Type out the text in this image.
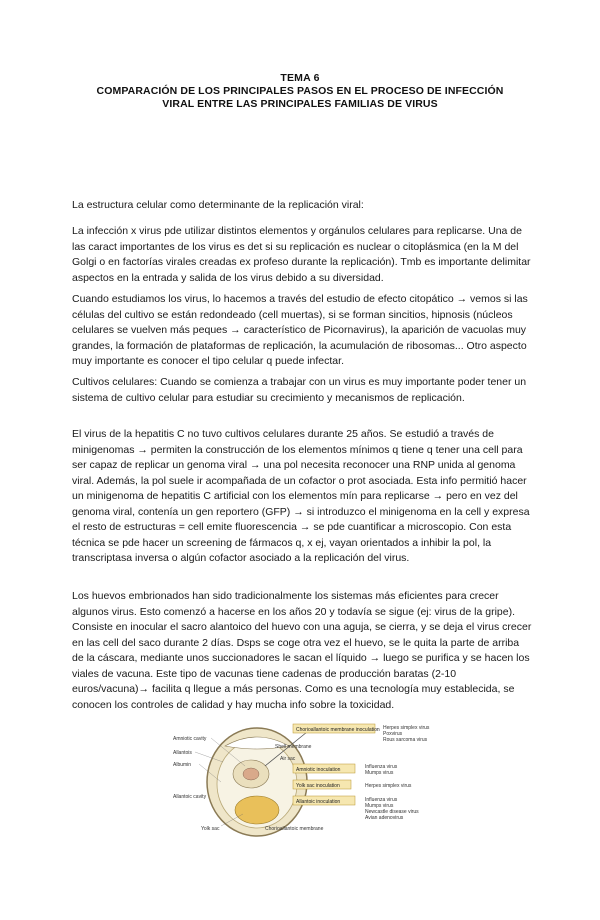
TEMA 6
COMPARACIÓN DE LOS PRINCIPALES PASOS EN EL PROCESO DE INFECCIÓN
VIRAL ENTRE LAS PRINCIPALES FAMILIAS DE VIRUS

La estructura celular como determinante de la replicación viral:

La infección x virus pde utilizar distintos elementos y orgánulos celulares para replicarse. Una de las caract importantes de los virus es det si su replicación es nuclear o citoplásmica (en la M del Golgi o en factorías virales creadas ex profeso durante la replicación). Tmb es importante delimitar aspectos en la entrada y salida de los virus debido a su diversidad.

Cuando estudiamos los virus, lo hacemos a través del estudio de efecto citopático → vemos si las células del cultivo se están redondeado (cell muertas), si se forman sincitios, hipnosis (núcleos celulares se vuelven más peques → característico de Picornavirus), la aparición de vacuolas muy grandes, la formación de plataformas de replicación, la acumulación de ribosomas... Otro aspecto muy importante es conocer el tipo celular q puede infectar.

Cultivos celulares: Cuando se comienza a trabajar con un virus es muy importante poder tener un sistema de cultivo celular para estudiar su crecimiento y mecanismos de replicación.

El virus de la hepatitis C no tuvo cultivos celulares durante 25 años. Se estudió a través de minigenomas → permiten la construcción de los elementos mínimos q tiene q tener una cell para ser capaz de replicar un genoma viral → una pol necesita reconocer una RNP unida al genoma viral. Además, la pol suele ir acompañada de un cofactor o prot asociada. Esta info permitió hacer un minigenoma de hepatitis C artificial con los elementos mín para replicarse → pero en vez del genoma viral, contenía un gen reportero (GFP) → si introduzco el minigenoma en la cell y expresa el resto de estructuras = cell emite fluorescencia → se pde cuantificar a microscopio. Con esta técnica se pde hacer un screening de fármacos q, x ej, vayan orientados a inhibir la pol, la transcriptasa inversa o algún cofactor asociado a la replicación del virus.

Los huevos embrionados han sido tradicionalmente los sistemas más eficientes para crecer algunos virus. Esto comenzó a hacerse en los años 20 y todavía se sigue (ej: virus de la gripe). Consiste en inocular el sacro alantoico del huevo con una aguja, se cierra, y se deja el virus crecer en las cell del saco durante 2 días. Dsps se coge otra vez el huevo, se le quita la parte de arriba de la cáscara, mediante unos succionadores le sacan el líquido → luego se purifica y se hacen los viales de vacuna. Este tipo de vacunas tiene cadenas de producción baratas (2-10 euros/vacuna)→ facilita q llegue a más personas. Como es una tecnología muy establecida, se conocen los controles de calidad y hay mucha info sobre la toxicidad.

Amniotic cavity
Allantois
Albumin
Allantoic cavity
Yolk sac
Shell membrane
Air sac
Chorioallantoic membrane
Chorioallantoic membrane inoculation
Amniotic inoculation
Yolk sac inoculation
Allantoic inoculation
Herpes simplex virus
Poxvirus
Rous sarcoma virus
Influenza virus
Mumps virus
Herpes simplex virus
Influenza virus
Mumps virus
Newcastle disease virus
Avian adenovirus
